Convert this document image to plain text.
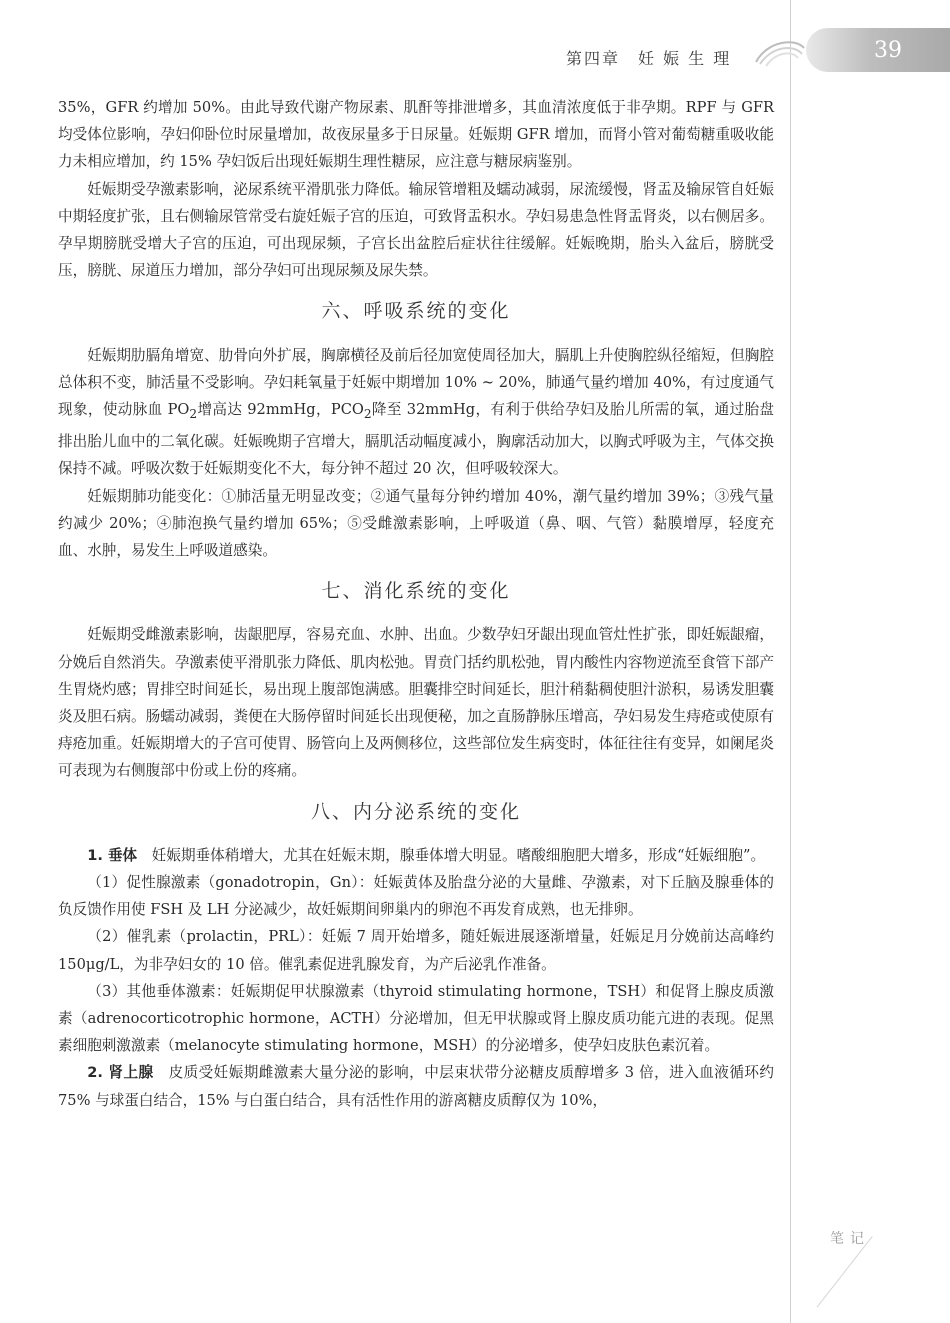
第四章　妊 娠 生 理	39

35%，GFR 约增加 50%。由此导致代谢产物尿素、肌酐等排泄增多，其血清浓度低于非孕期。RPF 与 GFR 均受体位影响，孕妇仰卧位时尿量增加，故夜尿量多于日尿量。妊娠期 GFR 增加，而肾小管对葡萄糖重吸收能力未相应增加，约 15% 孕妇饭后出现妊娠期生理性糖尿，应注意与糖尿病鉴别。

妊娠期受孕激素影响，泌尿系统平滑肌张力降低。输尿管增粗及蠕动减弱，尿流缓慢，肾盂及输尿管自妊娠中期轻度扩张，且右侧输尿管常受右旋妊娠子宫的压迫，可致肾盂积水。孕妇易患急性肾盂肾炎，以右侧居多。孕早期膀胱受增大子宫的压迫，可出现尿频，子宫长出盆腔后症状往往缓解。妊娠晚期，胎头入盆后，膀胱受压，膀胱、尿道压力增加，部分孕妇可出现尿频及尿失禁。

六、呼吸系统的变化

妊娠期肋膈角增宽、肋骨向外扩展，胸廓横径及前后径加宽使周径加大，膈肌上升使胸腔纵径缩短，但胸腔总体积不变，肺活量不受影响。孕妇耗氧量于妊娠中期增加 10% ~ 20%，肺通气量约增加 40%，有过度通气现象，使动脉血 $PO_2$增高达 92mmHg，$PCO_2$降至 32mmHg，有利于供给孕妇及胎儿所需的氧，通过胎盘排出胎儿血中的二氧化碳。妊娠晚期子宫增大，膈肌活动幅度减小，胸廓活动加大，以胸式呼吸为主，气体交换保持不减。呼吸次数于妊娠期变化不大，每分钟不超过 20 次，但呼吸较深大。

妊娠期肺功能变化：①肺活量无明显改变；②通气量每分钟约增加 40%，潮气量约增加 39%；③残气量约减少 20%；④肺泡换气量约增加 65%；⑤受雌激素影响，上呼吸道（鼻、咽、气管）黏膜增厚，轻度充血、水肿，易发生上呼吸道感染。

七、消化系统的变化

妊娠期受雌激素影响，齿龈肥厚，容易充血、水肿、出血。少数孕妇牙龈出现血管灶性扩张，即妊娠龈瘤，分娩后自然消失。孕激素使平滑肌张力降低、肌肉松弛。胃贲门括约肌松弛，胃内酸性内容物逆流至食管下部产生胃烧灼感；胃排空时间延长，易出现上腹部饱满感。胆囊排空时间延长，胆汁稍黏稠使胆汁淤积，易诱发胆囊炎及胆石病。肠蠕动减弱，粪便在大肠停留时间延长出现便秘，加之直肠静脉压增高，孕妇易发生痔疮或使原有痔疮加重。妊娠期增大的子宫可使胃、肠管向上及两侧移位，这些部位发生病变时，体征往往有变异，如阑尾炎可表现为右侧腹部中份或上份的疼痛。

八、内分泌系统的变化

1. 垂体　 妊娠期垂体稍增大，尤其在妊娠末期，腺垂体增大明显。嗜酸细胞肥大增多，形成“妊娠细胞”。

（1）促性腺激素（gonadotropin，Gn）：妊娠黄体及胎盘分泌的大量雌、孕激素，对下丘脑及腺垂体的负反馈作用使 FSH 及 LH 分泌减少，故妊娠期间卵巢内的卵泡不再发育成熟，也无排卵。

（2）催乳素（prolactin，PRL）：妊娠 7 周开始增多，随妊娠进展逐渐增量，妊娠足月分娩前达高峰约 150μg/L，为非孕妇女的 10 倍。催乳素促进乳腺发育，为产后泌乳作准备。

（3）其他垂体激素：妊娠期促甲状腺激素（thyroid stimulating hormone，TSH）和促肾上腺皮质激素（adrenocorticotrophic hormone，ACTH）分泌增加，但无甲状腺或肾上腺皮质功能亢进的表现。促黑素细胞刺激激素（melanocyte stimulating hormone，MSH）的分泌增多，使孕妇皮肤色素沉着。

2. 肾上腺　 皮质受妊娠期雌激素大量分泌的影响，中层束状带分泌糖皮质醇增多 3 倍，进入血液循环约 75% 与球蛋白结合，15% 与白蛋白结合，具有活性作用的游离糖皮质醇仅为 10%，

笔记
